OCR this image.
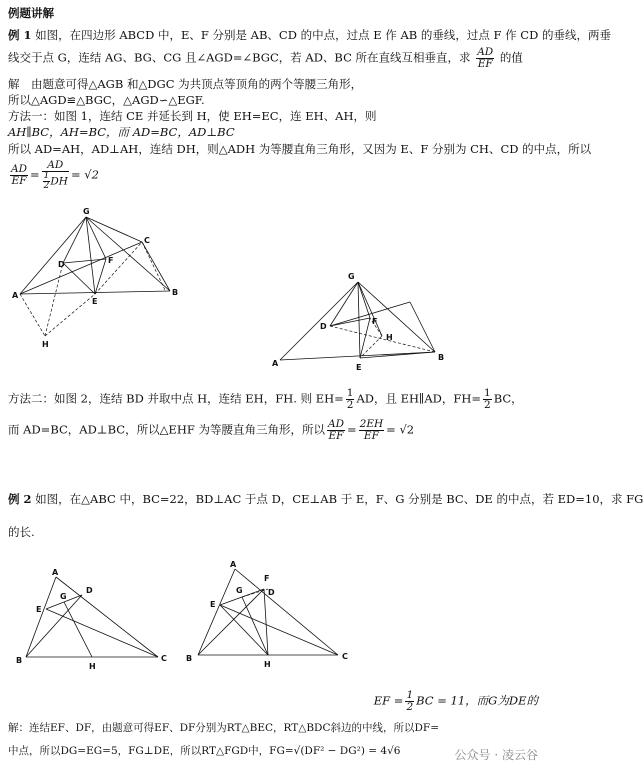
例题讲解
例 1 如图，在四边形 ABCD 中，E、F 分别是 AB、CD 的中点，过点 E 作 AB 的垂线，过点 F 作 CD 的垂线，两垂
线交于点 G，连结 AG、BG、CG 且∠AGD=∠BGC，若 AD、BC 所在直线互相垂直，求 $\frac{AD}{EF}$ 的值
解　由题意可得△AGB 和△DGC 为共顶点等顶角的两个等腰三角形，
所以△AGD≌△BGC，△AGD∽△EGF.
方法一：如图 1，连结 CE 并延长到 H，使 EH=EC，连 EH、AH，则
AH∥BC，AH=BC，而 AD=BC，AD⊥BC
所以 AD=AH，AD⊥AH，连结 DH，则△ADH 为等腰直角三角形，又因为 E、F 分别为 CH、CD 的中点，所以
$\frac{AD}{EF} = \frac{AD}{\frac{1}{2} DH} = √2$
G
C
D	F
A
E
B
H
G
D
F
H
A	E
B
方法二：如图 2，连结 BD 并取中点 H，连结 EH，FH. 则 $EH= \frac{1}{2}$ AD，且 EH∥AD，$FH= \frac{1}{2}$ BC，
而 AD=BC，AD⊥BC，所以△EHF 为等腰直角三角形，所以 $\frac{AD}{EF} = \frac{2EH}{EF} = √2$
例 2 如图，在△ABC 中，BC=22，BD⊥AC 于点 D，CE⊥AB 于 E，F、G 分别是 BC、DE 的中点，若 ED=10，求 FG
的长.
A
D
G
E
B
H
C
A
F
D
G
E
B
H
C
EF = $\frac{1}{2}$ BC = 11，而G为DE的
解：连结EF、DF，由题意可得EF、DF分别为RT△BEC，RT△BDC斜边的中线，所以DF=
中点，所以DG=EG=5，FG⊥DE，所以RT△FGD中，FG=√(DF² − DG²) = 4√6	公众号 · 凌云谷
